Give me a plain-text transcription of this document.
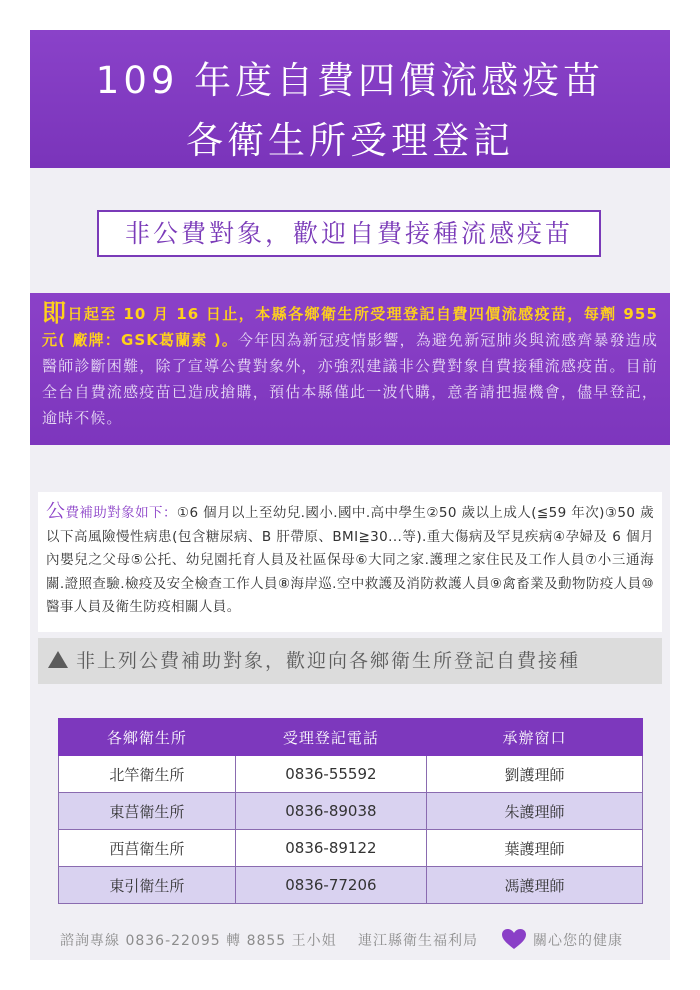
109 年度自費四價流感疫苗
各衛生所受理登記
非公費對象，歡迎自費接種流感疫苗
即日起至 10 月 16 日止，本縣各鄉衛生所受理登記自費四價流感疫苗，每劑 955 元( 廠牌：GSK葛蘭素 )。今年因為新冠疫情影響，為避免新冠肺炎與流感齊暴發造成醫師診斷困難，除了宣導公費對象外，亦強烈建議非公費對象自費接種流感疫苗。目前全台自費流感疫苗已造成搶購，預估本縣僅此一波代購，意者請把握機會，儘早登記，逾時不候。
公費補助對象如下：①6 個月以上至幼兒.國小.國中.高中學生②50 歲以上成人(≦59 年次)③50 歲以下高風險慢性病患(包含糖尿病、B 肝帶原、BMI≧30...等).重大傷病及罕見疾病④孕婦及 6 個月內嬰兒之父母⑤公托、幼兒園托育人員及社區保母⑥大同之家.護理之家住民及工作人員⑦小三通海關.證照查驗.檢疫及安全檢查工作人員⑧海岸巡.空中救護及消防救護人員⑨禽畜業及動物防疫人員⑩醫事人員及衛生防疫相關人員。
非上列公費補助對象，歡迎向各鄉衛生所登記自費接種
各鄉衛生所	受理登記電話	承辦窗口
北竿衛生所	0836-55592	劉護理師
東莒衛生所	0836-89038	朱護理師
西莒衛生所	0836-89122	葉護理師
東引衛生所	0836-77206	馮護理師
諮詢專線 0836-22095 轉 8855 王小姐 連江縣衛生福利局	關心您的健康
